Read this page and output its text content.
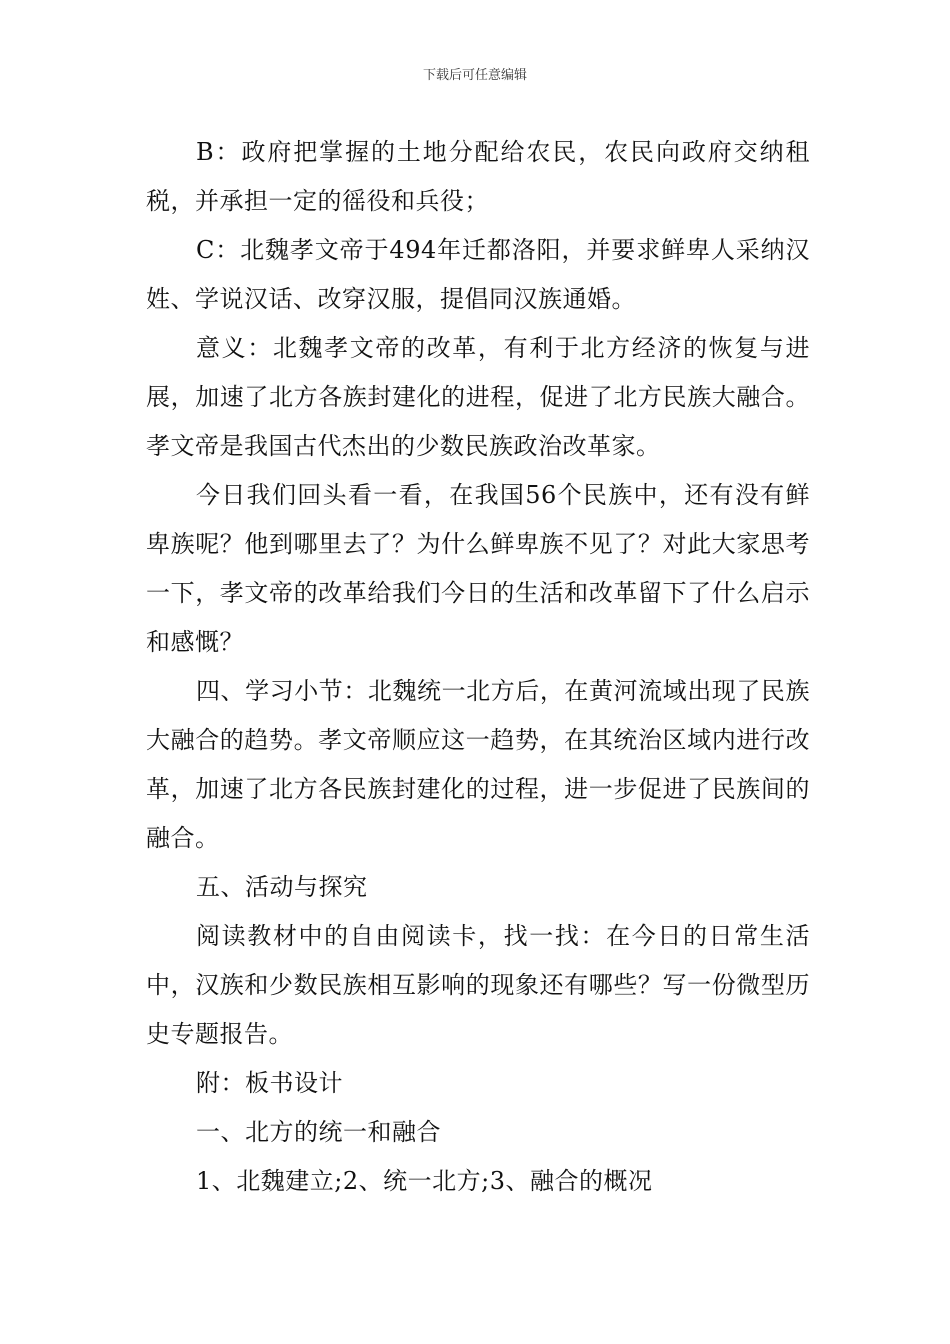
下载后可任意编辑

B：政府把掌握的土地分配给农民，农民向政府交纳租税，并承担一定的徭役和兵役；

C：北魏孝文帝于494年迁都洛阳，并要求鲜卑人采纳汉姓、学说汉话、改穿汉服，提倡同汉族通婚。

意义：北魏孝文帝的改革，有利于北方经济的恢复与进展，加速了北方各族封建化的进程，促进了北方民族大融合。孝文帝是我国古代杰出的少数民族政治改革家。

今日我们回头看一看，在我国56个民族中，还有没有鲜卑族呢？他到哪里去了？为什么鲜卑族不见了？对此大家思考一下，孝文帝的改革给我们今日的生活和改革留下了什么启示和感慨？

四、学习小节：北魏统一北方后，在黄河流域出现了民族大融合的趋势。孝文帝顺应这一趋势，在其统治区域内进行改革，加速了北方各民族封建化的过程，进一步促进了民族间的融合。

五、活动与探究

阅读教材中的自由阅读卡，找一找：在今日的日常生活中，汉族和少数民族相互影响的现象还有哪些？写一份微型历史专题报告。

附：板书设计

一、北方的统一和融合

1、北魏建立;2、统一北方;3、融合的概况
